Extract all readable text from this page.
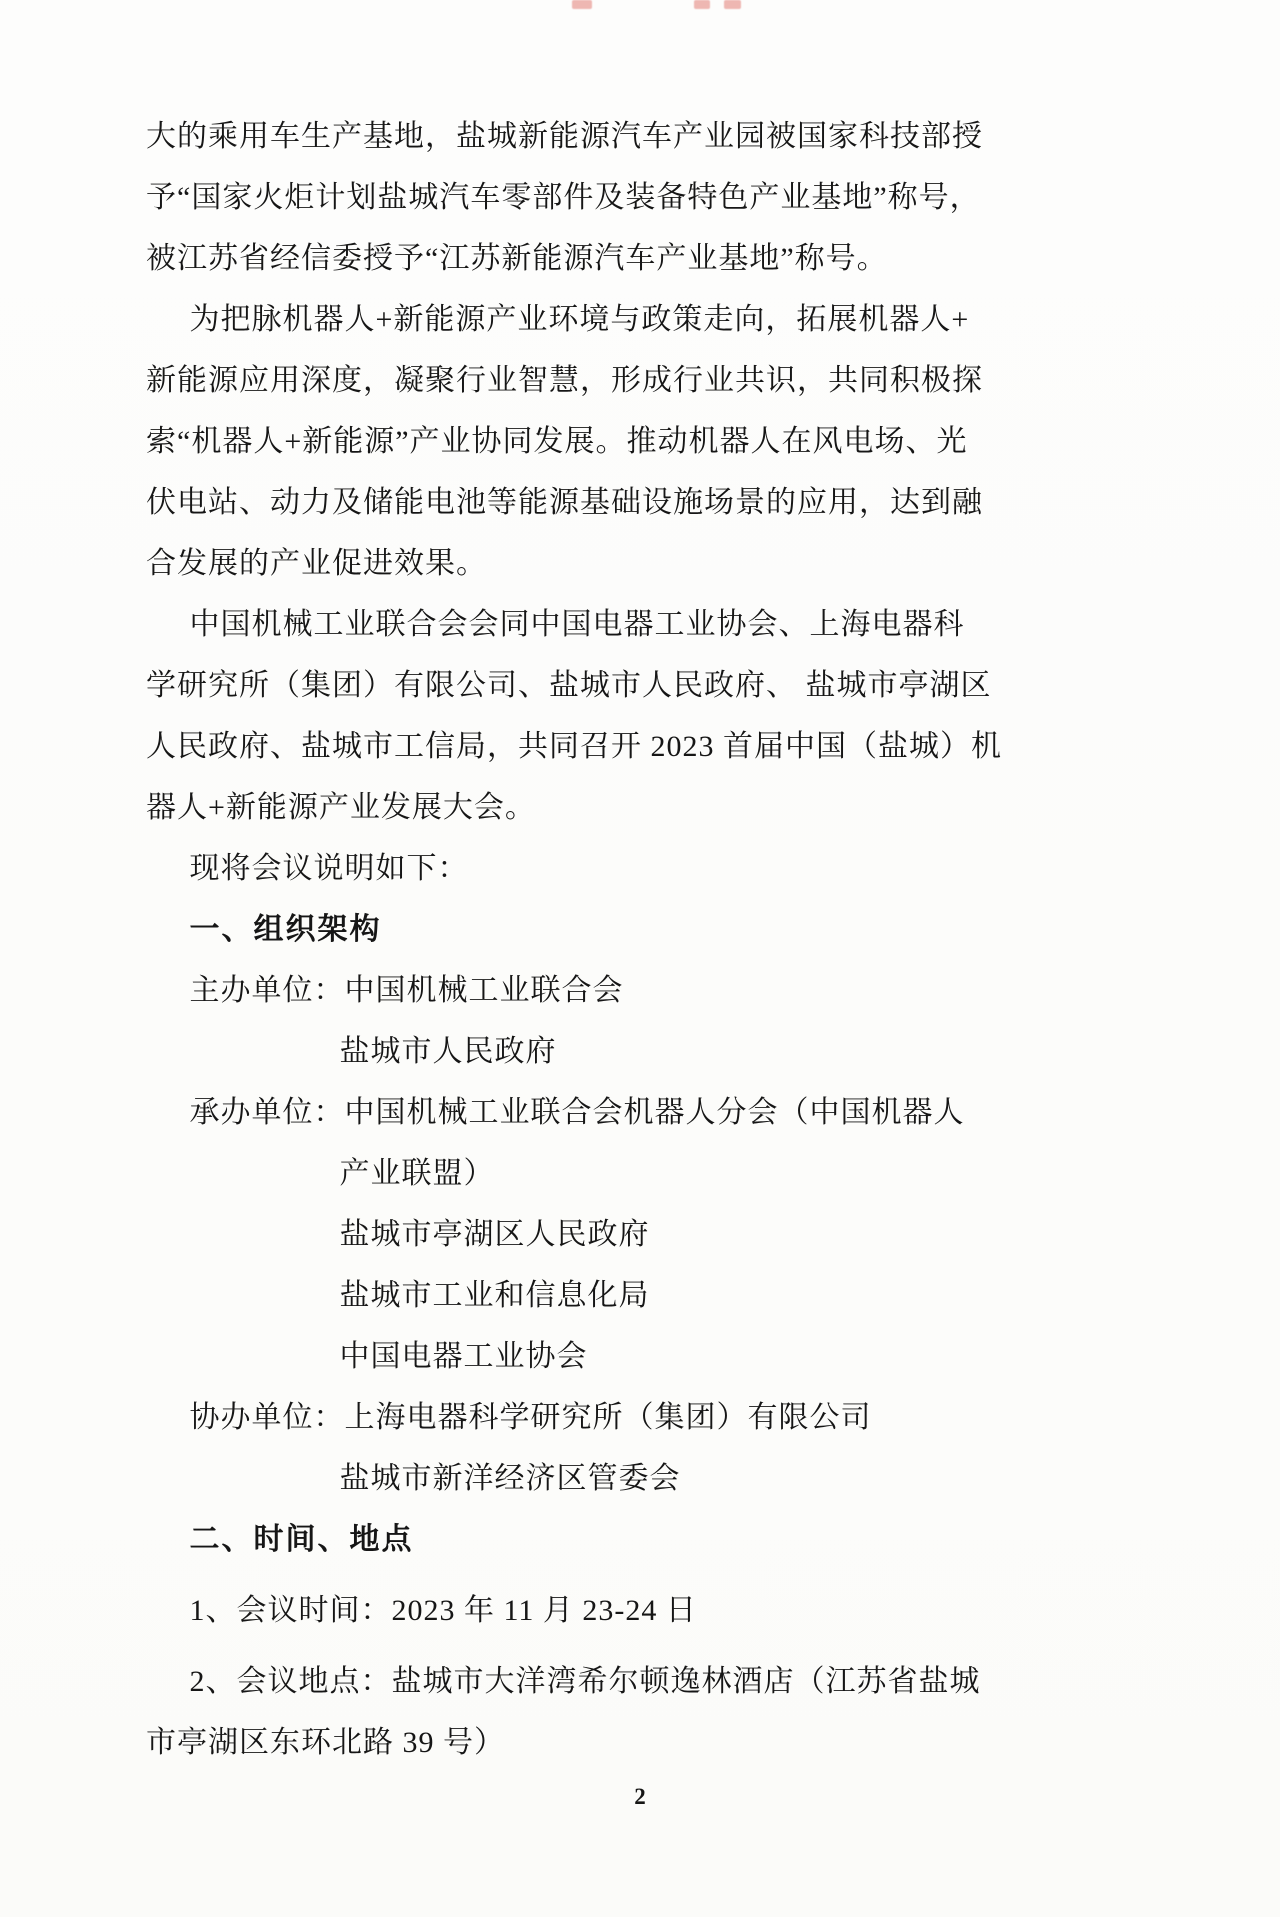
大的乘用车生产基地，盐城新能源汽车产业园被国家科技部授
予“国家火炬计划盐城汽车零部件及装备特色产业基地”称号，
被江苏省经信委授予“江苏新能源汽车产业基地”称号。
为把脉机器人+新能源产业环境与政策走向，拓展机器人+
新能源应用深度，凝聚行业智慧，形成行业共识，共同积极探
索“机器人+新能源”产业协同发展。推动机器人在风电场、光
伏电站、动力及储能电池等能源基础设施场景的应用，达到融
合发展的产业促进效果。
中国机械工业联合会会同中国电器工业协会、上海电器科
学研究所（集团）有限公司、盐城市人民政府、 盐城市亭湖区
人民政府、盐城市工信局，共同召开 2023 首届中国（盐城）机
器人+新能源产业发展大会。
现将会议说明如下：
一、组织架构
主办单位：中国机械工业联合会
盐城市人民政府
承办单位：中国机械工业联合会机器人分会（中国机器人
产业联盟）
盐城市亭湖区人民政府
盐城市工业和信息化局
中国电器工业协会
协办单位：上海电器科学研究所（集团）有限公司
盐城市新洋经济区管委会
二、时间、地点
1、会议时间：2023 年 11 月 23-24 日
2、会议地点：盐城市大洋湾希尔顿逸林酒店（江苏省盐城
市亭湖区东环北路 39 号）
2
